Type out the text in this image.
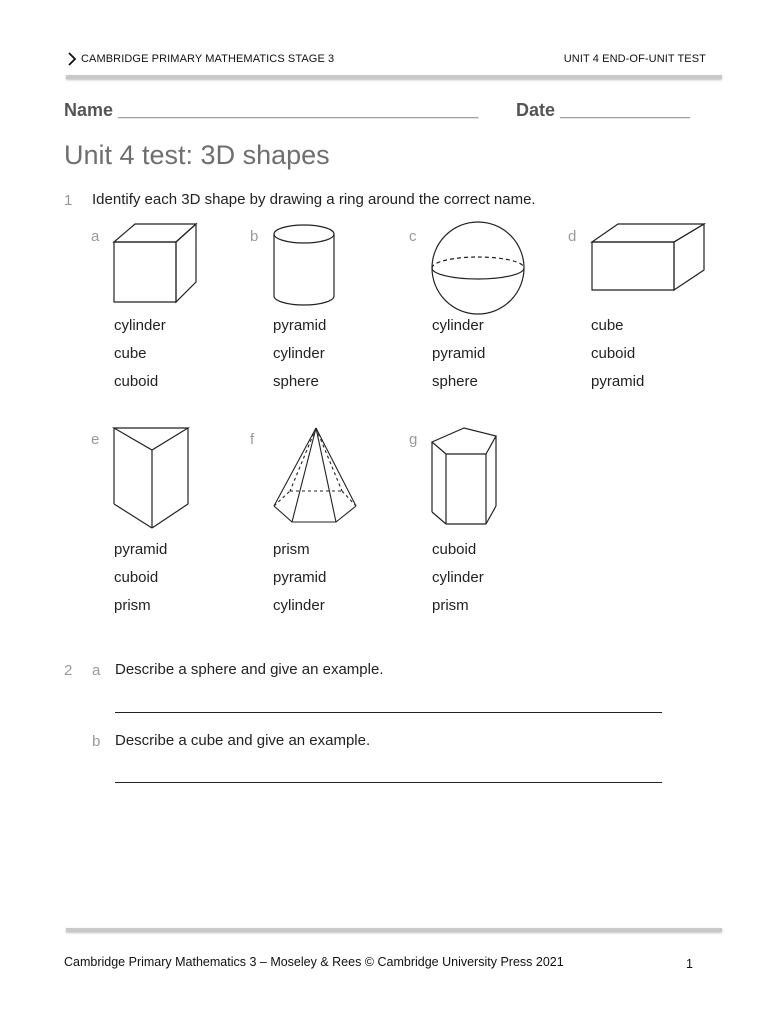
CAMBRIDGE PRIMARY MATHEMATICS STAGE 3	UNIT 4 END-OF-UNIT TEST
Name ____________________________________ Date _____________
Unit 4 test: 3D shapes
1 Identify each 3D shape by drawing a ring around the correct name.
a
cylinder
cube
cuboid
b
pyramid
cylinder
sphere
c
cylinder
pyramid
sphere
d
cube
cuboid
pyramid
e
pyramid
cuboid
prism
f
prism
pyramid
cylinder
g
cuboid
cylinder
prism
2 a Describe a sphere and give an example.
b Describe a cube and give an example.
Cambridge Primary Mathematics 3 – Moseley & Rees © Cambridge University Press 2021	1
